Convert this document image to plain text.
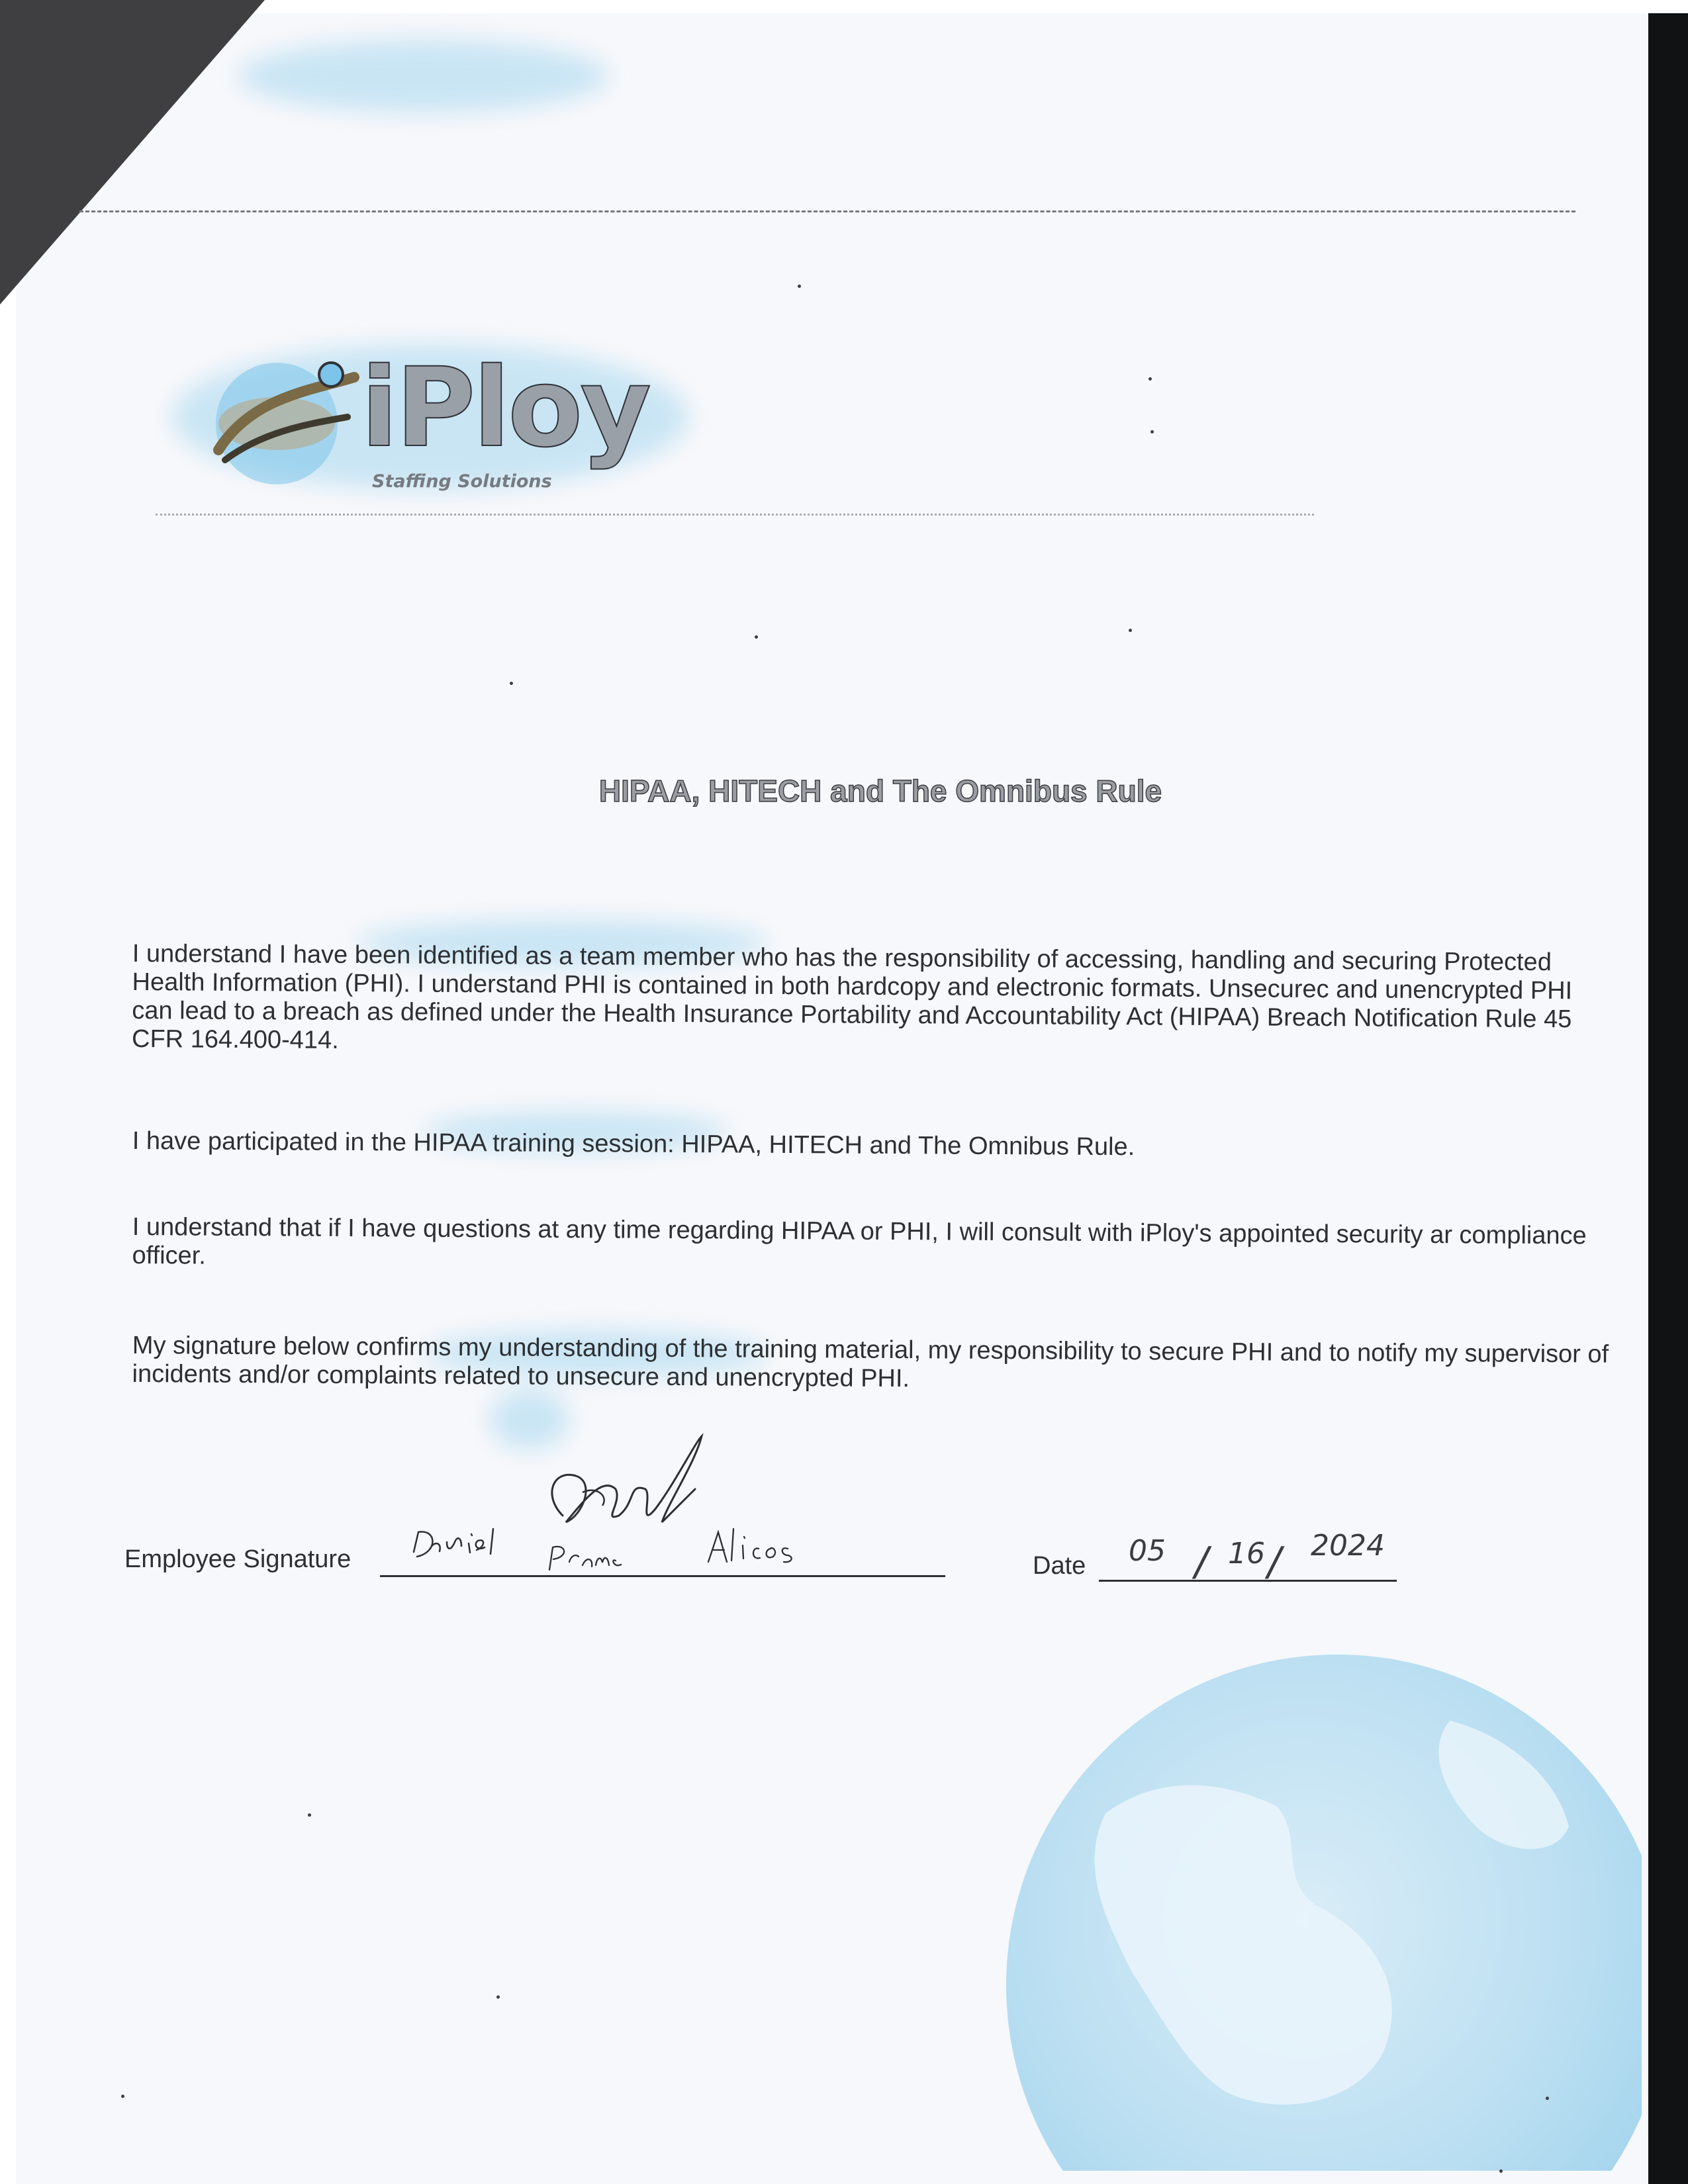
iPloy
Staffing Solutions
HIPAA, HITECH and The Omnibus Rule

I understand I have been identified as a team member who has the responsibility of accessing, handling and securing Protected Health Information (PHI). I understand PHI is contained in both hardcopy and electronic formats. Unsecurec and unencrypted PHI can lead to a breach as defined under the Health Insurance Portability and Accountability Act (HIPAA) Breach Notification Rule 45 CFR 164.400-414.

I have participated in the HIPAA training session: HIPAA, HITECH and The Omnibus Rule.

I understand that if I have questions at any time regarding HIPAA or PHI, I will consult with iPloy's appointed security ar compliance officer.

My signature below confirms my understanding of the training material, my responsibility to secure PHI and to notify my supervisor of incidents and/or complaints related to unsecure and unencrypted PHI.

Employee Signature	Date 05 / 16 / 2024
